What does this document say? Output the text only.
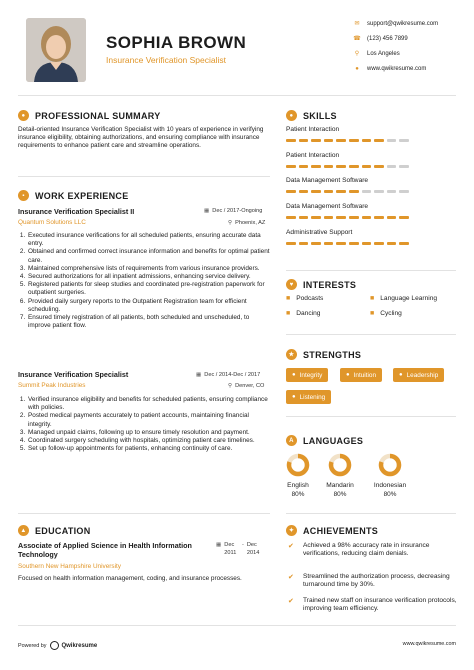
SOPHIA BROWN
Insurance Verification Specialist
✉	support@qwikresume.com
☎ (123) 456 7899
⚲	Los Angeles
●	www.qwikresume.com
●	PROFESSIONAL SUMMARY
Detail-oriented Insurance Verification Specialist with 10 years of experience in verifying insurance eligibility, obtaining authorizations, and ensuring compliance with insurance requirements to enhance patient care and streamline operations.
▪	WORK EXPERIENCE
Insurance Verification Specialist II	▦ Dec / 2017-Ongoing
Quantum Solutions LLC	⚲ Phoenix, AZ
1. Executed insurance verifications for all scheduled patients, ensuring accurate data entry.
2. Obtained and confirmed correct insurance information and benefits for optimal patient care.
3. Maintained comprehensive lists of requirements from various insurance providers.
4. Secured authorizations for all inpatient admissions, enhancing service delivery.
5. Registered patients for sleep studies and coordinated pre-registration paperwork for outpatient surgeries.
6. Provided daily surgery reports to the Outpatient Registration team for efficient scheduling.
7. Ensured timely registration of all patients, both scheduled and unscheduled, to improve patient flow.
Insurance Verification Specialist	▦ Dec / 2014-Dec / 2017
Summit Peak Industries	⚲ Denver, CO
1. Verified insurance eligibility and benefits for scheduled patients, ensuring compliance with policies.
2. Posted medical payments accurately to patient accounts, maintaining financial integrity.
3. Managed unpaid claims, following up to ensure timely resolution and payment.
4. Coordinated surgery scheduling with hospitals, optimizing patient care timelines.
5. Set up follow-up appointments for patients, enhancing continuity of care.
▲ EDUCATION
Associate of Applied Science in Health Information Technology
▦ Dec 2011
- Dec 2014
Southern New Hampshire University
Focused on health information management, coding, and insurance processes.
●	SKILLS
Patient Interaction
Patient Interaction
Data Management Software
Data Management Software
Administrative Support
♥	INTERESTS
■ Podcasts	■ Language Learning
■ Dancing	■ Cycling
★ STRENGTHS
● Integrity	● Intuition	● Leadership
● Listening
A	LANGUAGES
English
80%
Mandarin
80%
Indonesian
80%
✦ ACHIEVEMENTS
✔	Achieved a 98% accuracy rate in insurance verifications, reducing claim denials.
✔	Streamlined the authorization process, decreasing turnaround time by 30%.
✔	Trained new staff on insurance verification protocols, improving team efficiency.
Powered by	Qwikresume	www.qwikresume.com
